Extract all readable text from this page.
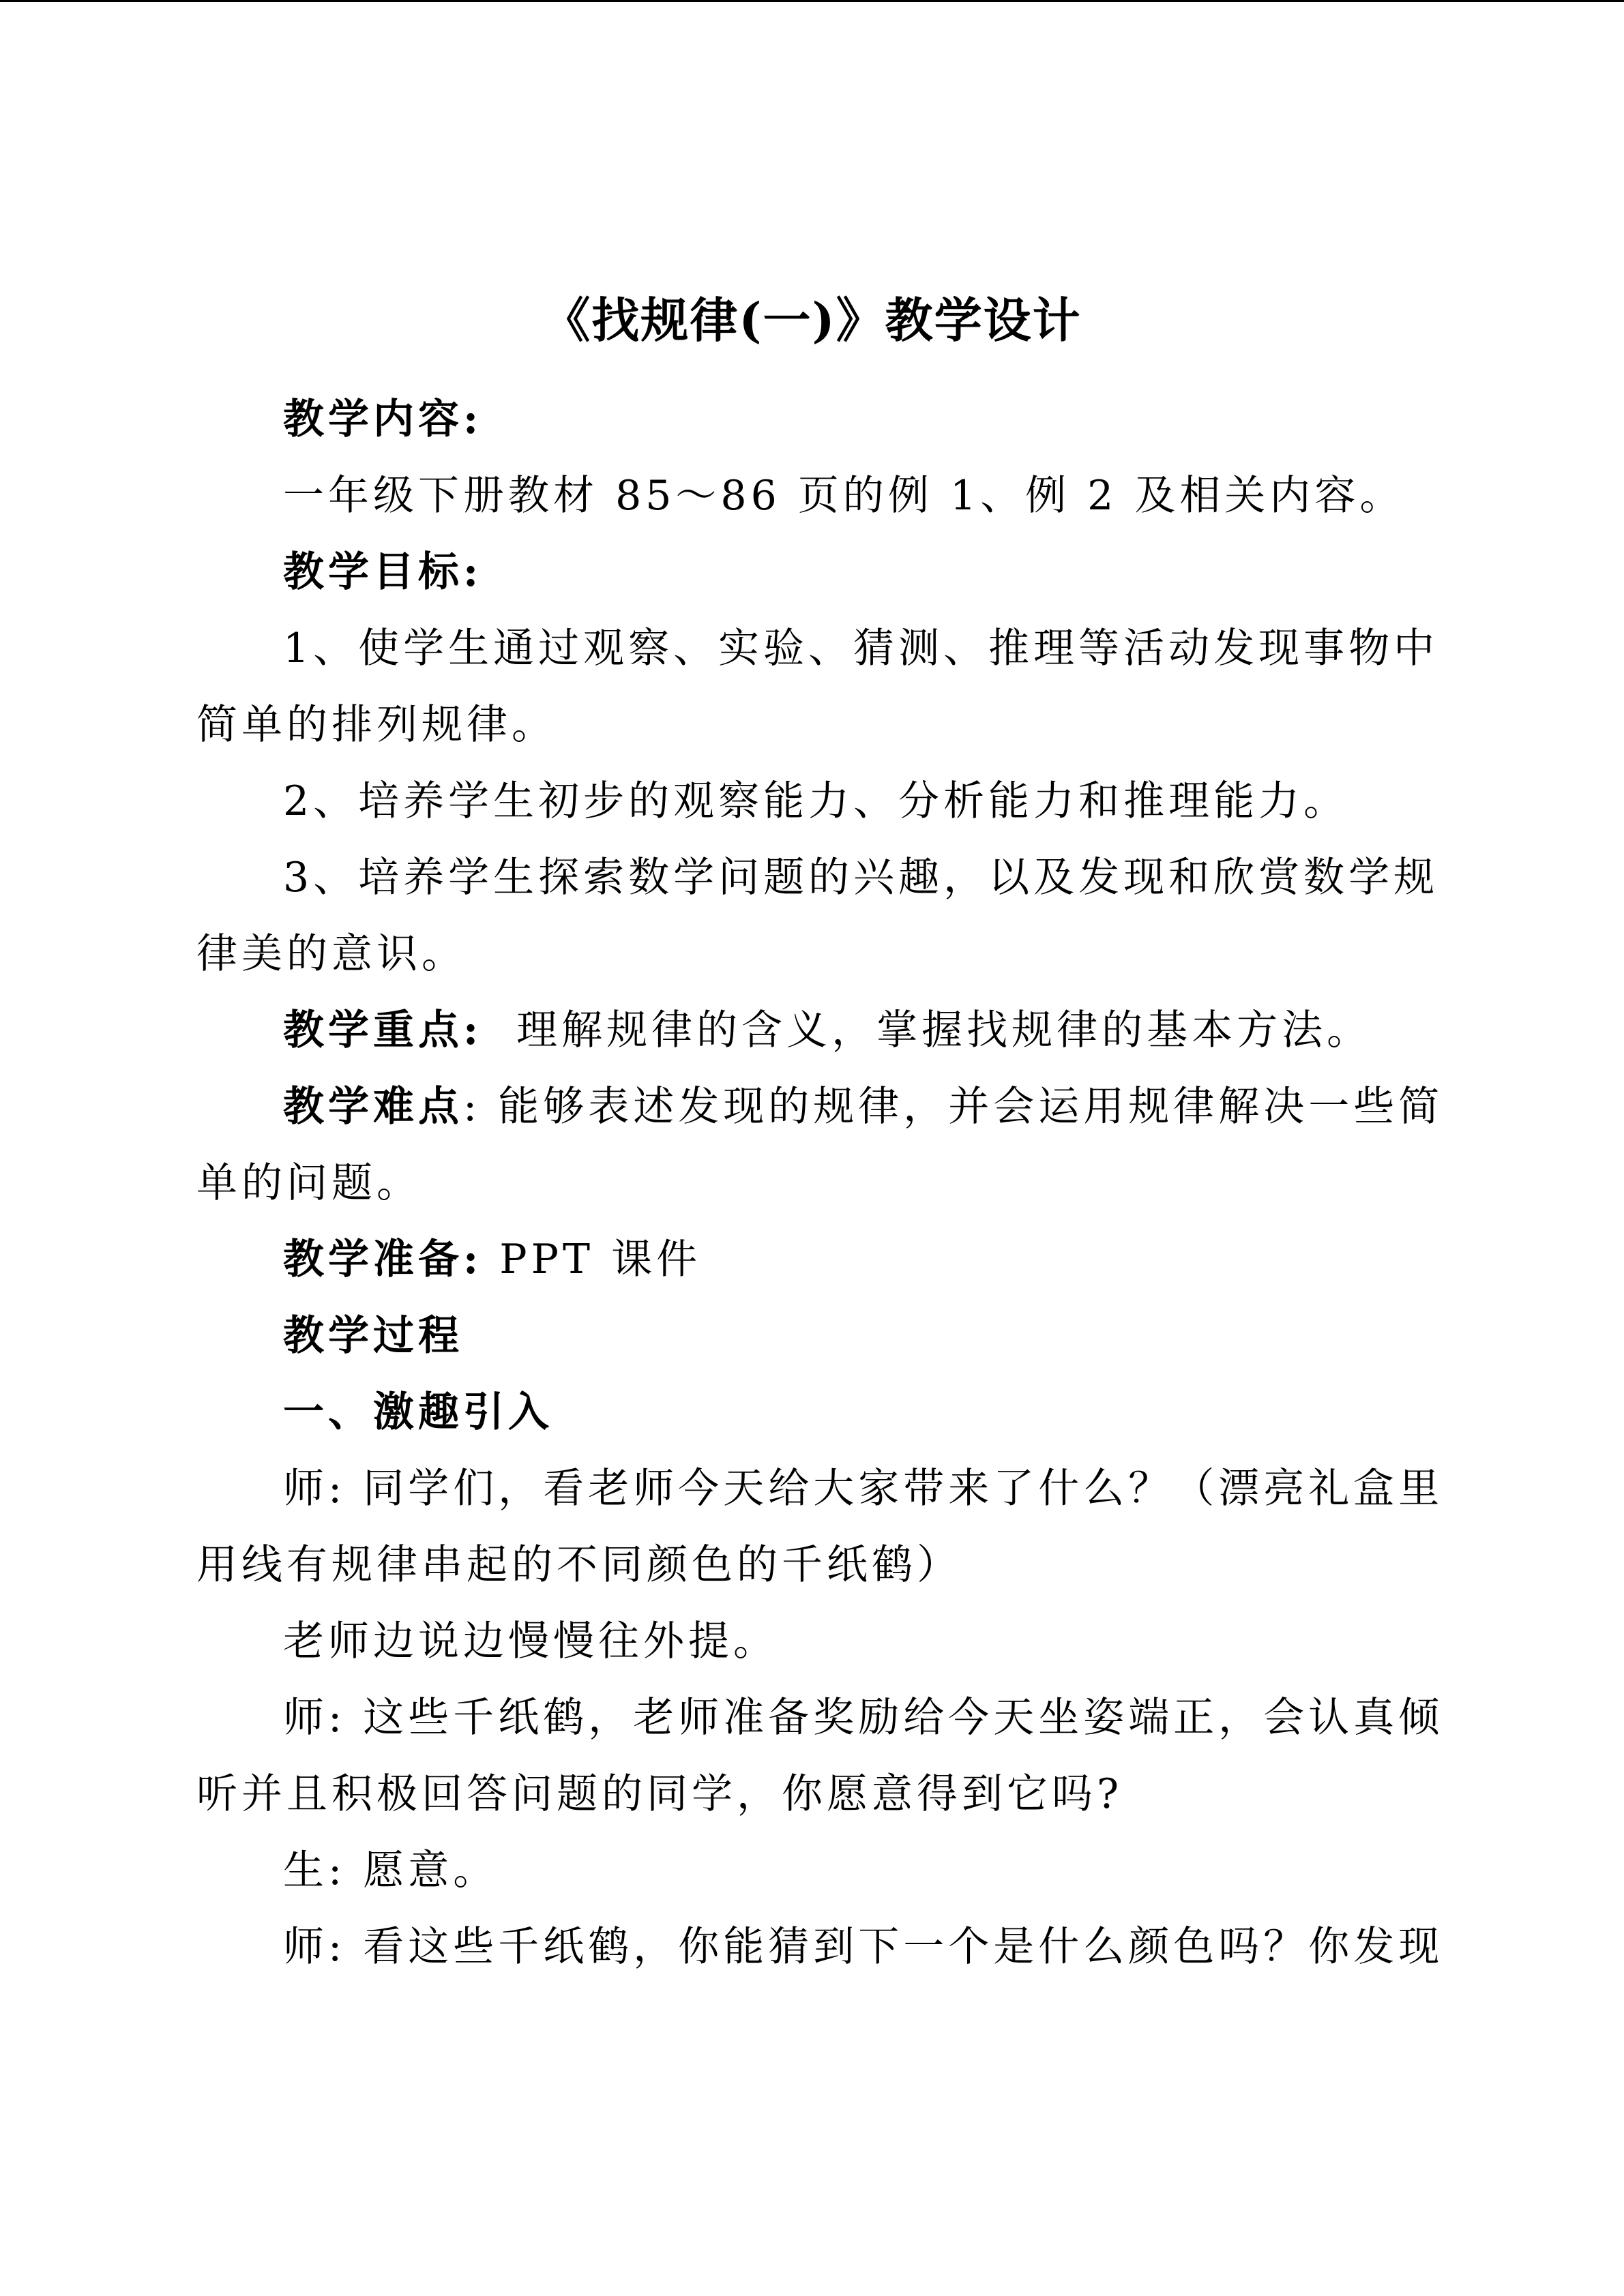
《找规律(一)》教学设计
教学内容:
一年级下册教材 85～86 页的例 1、例 2 及相关内容。
教学目标:
1、使学生通过观察、实验、猜测、推理等活动发现事物中
简单的排列规律。
2、培养学生初步的观察能力、分析能力和推理能力。
3、培养学生探索数学问题的兴趣，以及发现和欣赏数学规
律美的意识。
教学重点: 理解规律的含义，掌握找规律的基本方法。
教学难点: 能够表述发现的规律，并会运用规律解决一些简
单的问题。
教学准备: PPT 课件
教学过程
一、激趣引入
师: 同学们，看老师今天给大家带来了什么？（漂亮礼盒里
用线有规律串起的不同颜色的千纸鹤）
老师边说边慢慢往外提。
师: 这些千纸鹤，老师准备奖励给今天坐姿端正，会认真倾
听并且积极回答问题的同学，你愿意得到它吗?
生: 愿意。
师: 看这些千纸鹤，你能猜到下一个是什么颜色吗？你发现
